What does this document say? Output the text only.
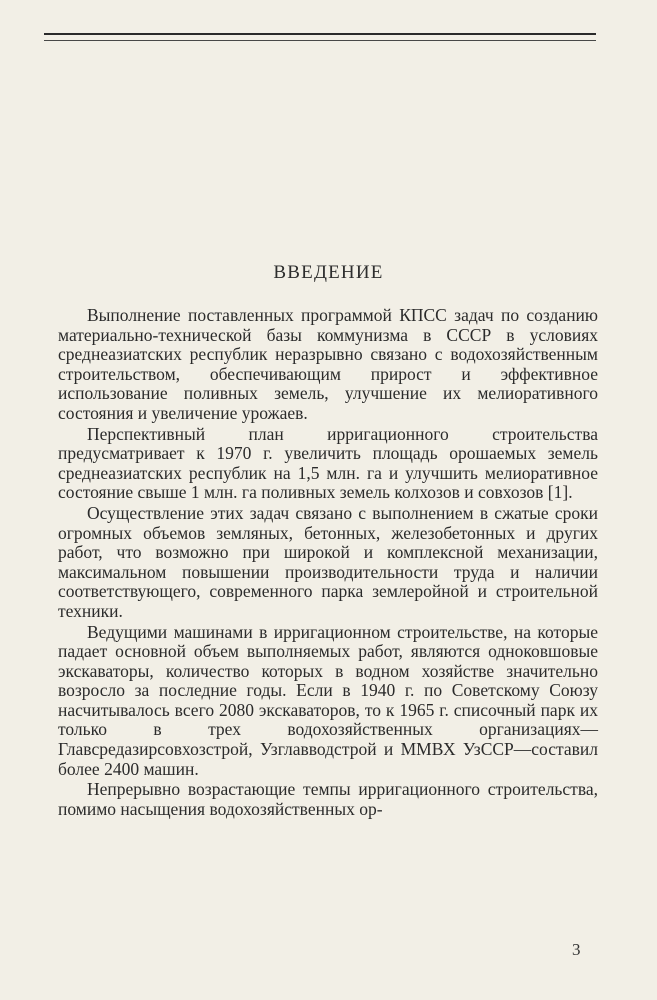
ВВЕДЕНИЕ

Выполнение поставленных программой КПСС задач по созданию материально-технической базы коммунизма в СССР в условиях среднеазиатских республик неразрывно связано с водохозяйственным строительством, обеспечивающим прирост и эффективное использование поливных земель, улучшение их мелиоративного состояния и увеличение урожаев.

Перспективный план ирригационного строительства предусматривает к 1970 г. увеличить площадь орошаемых земель среднеазиатских республик на 1,5 млн. га и улучшить мелиоративное состояние свыше 1 млн. га поливных земель колхозов и совхозов [1].

Осуществление этих задач связано с выполнением в сжатые сроки огромных объемов земляных, бетонных, железобетонных и других работ, что возможно при широкой и комплексной механизации, максимальном повышении производительности труда и наличии соответствующего, современного парка землеройной и строительной техники.

Ведущими машинами в ирригационном строительстве, на которые падает основной объем выполняемых работ, являются одноковшовые экскаваторы, количество которых в водном хозяйстве значительно возросло за последние годы. Если в 1940 г. по Советскому Союзу насчитывалось всего 2080 экскаваторов, то к 1965 г. списочный парк их только в трех водохозяйственных организациях—Главсредазирсовхозстрой, Узглавводстрой и ММВХ УзССР—составил более 2400 машин.

Непрерывно возрастающие темпы ирригационного строительства, помимо насыщения водохозяйственных ор-

3
